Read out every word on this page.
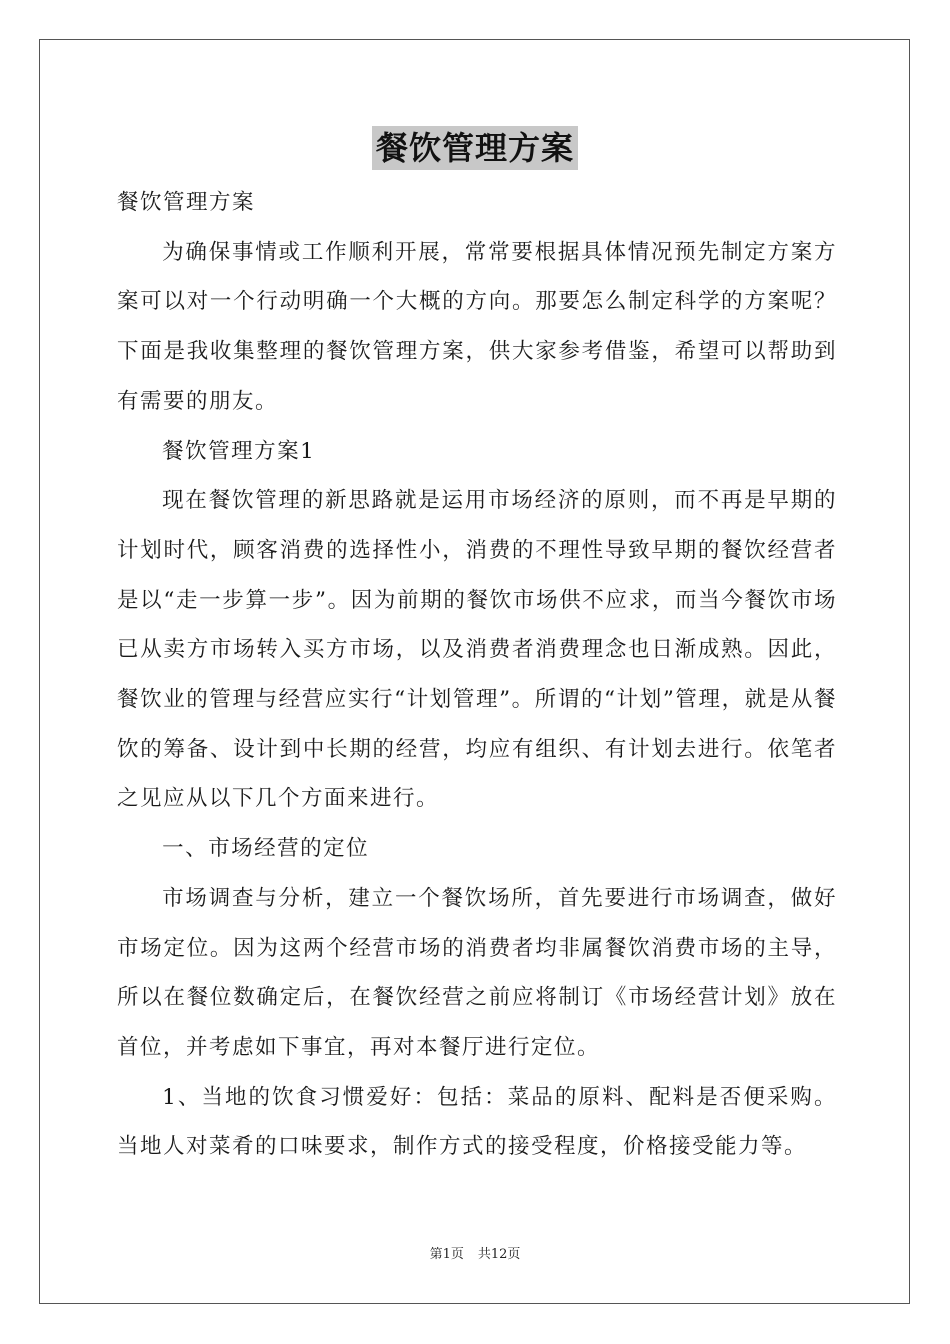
餐饮管理方案

餐饮管理方案

为确保事情或工作顺利开展，常常要根据具体情况预先制定方案方案可以对一个行动明确一个大概的方向。那要怎么制定科学的方案呢？下面是我收集整理的餐饮管理方案，供大家参考借鉴，希望可以帮助到有需要的朋友。

餐饮管理方案1

现在餐饮管理的新思路就是运用市场经济的原则，而不再是早期的计划时代，顾客消费的选择性小，消费的不理性导致早期的餐饮经营者是以“走一步算一步”。因为前期的餐饮市场供不应求，而当今餐饮市场已从卖方市场转入买方市场，以及消费者消费理念也日渐成熟。因此，餐饮业的管理与经营应实行“计划管理”。所谓的“计划”管理，就是从餐饮的筹备、设计到中长期的经营，均应有组织、有计划去进行。依笔者之见应从以下几个方面来进行。

一、市场经营的定位

市场调查与分析，建立一个餐饮场所，首先要进行市场调查，做好市场定位。因为这两个经营市场的消费者均非属餐饮消费市场的主导，所以在餐位数确定后，在餐饮经营之前应将制订《市场经营计划》放在首位，并考虑如下事宜，再对本餐厅进行定位。

1、当地的饮食习惯爱好：包括：菜品的原料、配料是否便采购。当地人对菜肴的口味要求，制作方式的接受程度，价格接受能力等。

第1页 共12页
